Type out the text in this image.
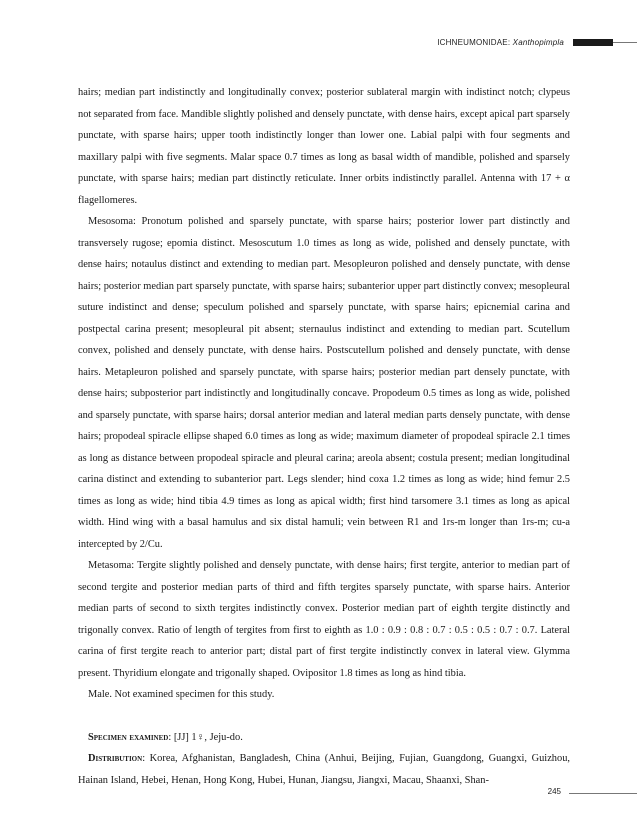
ICHNEUMONIDAE: Xanthopimpla

hairs; median part indistinctly and longitudinally convex; posterior sublateral margin with indistinct notch; clypeus not separated from face. Mandible slightly polished and densely punctate, with dense hairs, except apical part sparsely punctate, with sparse hairs; upper tooth indistinctly longer than lower one. Labial palpi with four segments and maxillary palpi with five segments. Malar space 0.7 times as long as basal width of mandible, polished and sparsely punctate, with sparse hairs; median part distinctly reticulate. Inner orbits indistinctly parallel. Antenna with 17 + α flagellomeres.

Mesosoma: Pronotum polished and sparsely punctate, with sparse hairs; posterior lower part distinctly and transversely rugose; epomia distinct. Mesoscutum 1.0 times as long as wide, polished and densely punctate, with dense hairs; notaulus distinct and extending to median part. Mesopleuron polished and densely punctate, with dense hairs; posterior median part sparsely punctate, with sparse hairs; subanterior upper part distinctly convex; mesopleural suture indistinct and dense; speculum polished and sparsely punctate, with sparse hairs; epicnemial carina and postpectal carina present; mesopleural pit absent; sternaulus indistinct and extending to median part. Scutellum convex, polished and densely punctate, with dense hairs. Postscutellum polished and densely punctate, with dense hairs. Metapleuron polished and sparsely punctate, with sparse hairs; posterior median part densely punctate, with dense hairs; subposterior part indistinctly and longitudinally concave. Propodeum 0.5 times as long as wide, polished and sparsely punctate, with sparse hairs; dorsal anterior median and lateral median parts densely punctate, with dense hairs; propodeal spiracle ellipse shaped 6.0 times as long as wide; maximum diameter of propodeal spiracle 2.1 times as long as distance between propodeal spiracle and pleural carina; areola absent; costula present; median longitudinal carina distinct and extending to subanterior part. Legs slender; hind coxa 1.2 times as long as wide; hind femur 2.5 times as long as wide; hind tibia 4.9 times as long as apical width; first hind tarsomere 3.1 times as long as apical width. Hind wing with a basal hamulus and six distal hamuli; vein between R1 and 1rs-m longer than 1rs-m; cu-a intercepted by 2/Cu.

Metasoma: Tergite slightly polished and densely punctate, with dense hairs; first tergite, anterior to median part of second tergite and posterior median parts of third and fifth tergites sparsely punctate, with sparse hairs. Anterior median parts of second to sixth tergites indistinctly convex. Posterior median part of eighth tergite distinctly and trigonally convex. Ratio of length of tergites from first to eighth as 1.0 : 0.9 : 0.8 : 0.7 : 0.5 : 0.5 : 0.7 : 0.7. Lateral carina of first tergite reach to anterior part; distal part of first tergite indistinctly convex in lateral view. Glymma present. Thyridium elongate and trigonally shaped. Ovipositor 1.8 times as long as hind tibia.

Male. Not examined specimen for this study.

Specimen examined: [JJ] 1♀, Jeju-do.

Distribution: Korea, Afghanistan, Bangladesh, China (Anhui, Beijing, Fujian, Guangdong, Guangxi, Guizhou, Hainan Island, Hebei, Henan, Hong Kong, Hubei, Hunan, Jiangsu, Jiangxi, Macau, Shaanxi, Shan-

245
